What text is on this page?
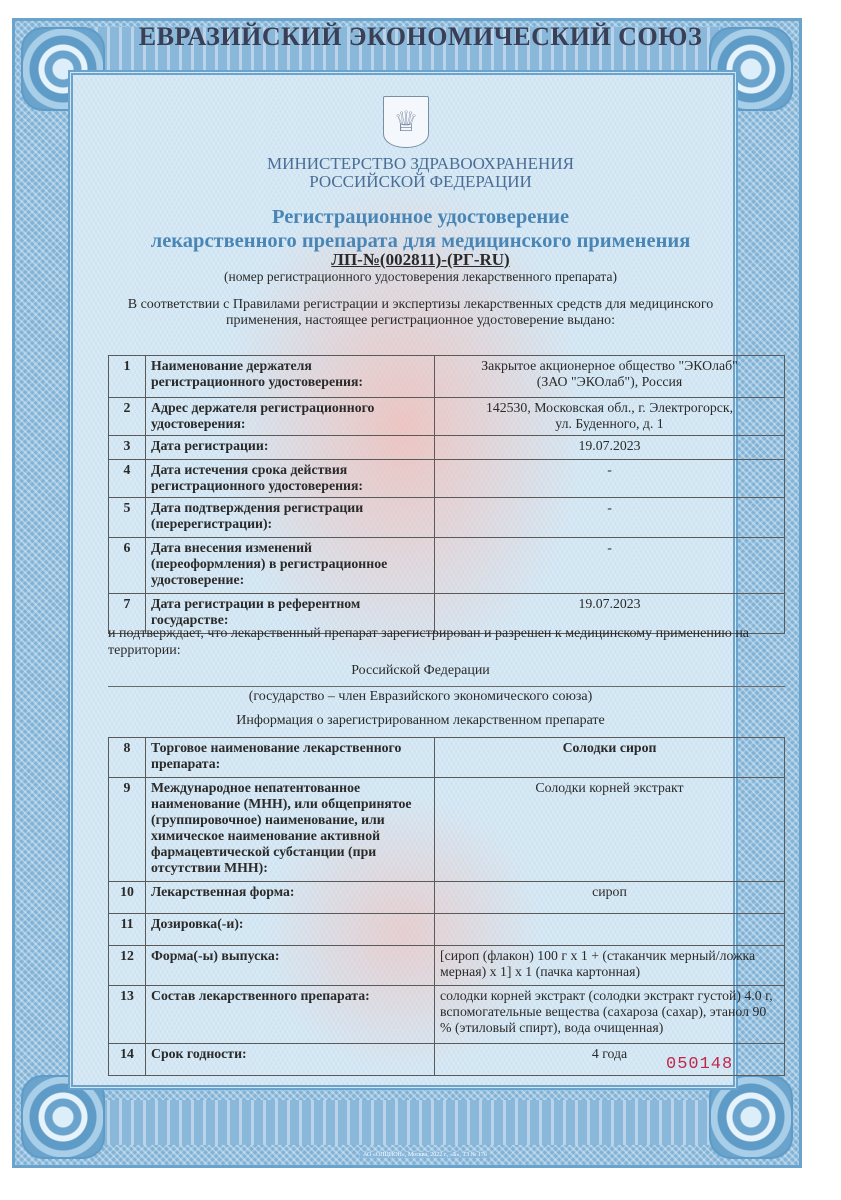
ЕВРАЗИЙСКИЙ ЭКОНОМИЧЕСКИЙ СОЮЗ
♕
МИНИСТЕРСТВО ЗДРАВООХРАНЕНИЯ
РОССИЙСКОЙ ФЕДЕРАЦИИ
Регистрационное удостоверение
лекарственного препарата для медицинского применения
ЛП-№(002811)-(РГ-RU)
(номер регистрационного удостоверения лекарственного препарата)
В соответствии с Правилами регистрации и экспертизы лекарственных средств для медицинского
применения, настоящее регистрационное удостоверение выдано:
1	Наименование держателя регистрационного удостоверения:	Закрытое акционерное общество "ЭКОлаб"
(ЗАО "ЭКОлаб"), Россия

2	Адрес держателя регистрационного удостоверения:	142530, Московская обл., г. Электрогорск,
ул. Буденного, д. 1

3	Дата регистрации:	19.07.2023

4	Дата истечения срока действия регистрационного удостоверения:	-

5	Дата подтверждения регистрации (перерегистрации):	-

6	Дата внесения изменений (переоформления) в регистрационное удостоверение:	-

7	Дата регистрации в референтном государстве:	19.07.2023
и подтверждает, что лекарственный препарат зарегистрирован и разрешен к медицинскому применению на территории:
Российской Федерации
(государство – член Евразийского экономического союза)
Информация о зарегистрированном лекарственном препарате
8	Торговое наименование лекарственного препарата:	Солодки сироп
9	Международное непатентованное наименование (МНН), или общепринятое (группировочное) наименование, или химическое наименование активной фармацевтической субстанции (при отсутствии МНН):	Солодки корней экстракт
10	Лекарственная форма:	сироп
11	Дозировка(-и):	
12	Форма(-ы) выпуска:	[сироп (флакон) 100 г x 1 + (стаканчик мерный/ложка мерная) x 1] x 1 (пачка картонная)
13	Состав лекарственного препарата:	солодки корней экстракт (солодки экстракт густой) 4.0 г, вспомогательные вещества (сахароза (сахар), этанол 90 % (этиловый спирт), вода очищенная)
14	Срок годности:	4 года
050148
АО «ОПЦИОН», Москва, 2022 г., «Б», ТЗ № 176
